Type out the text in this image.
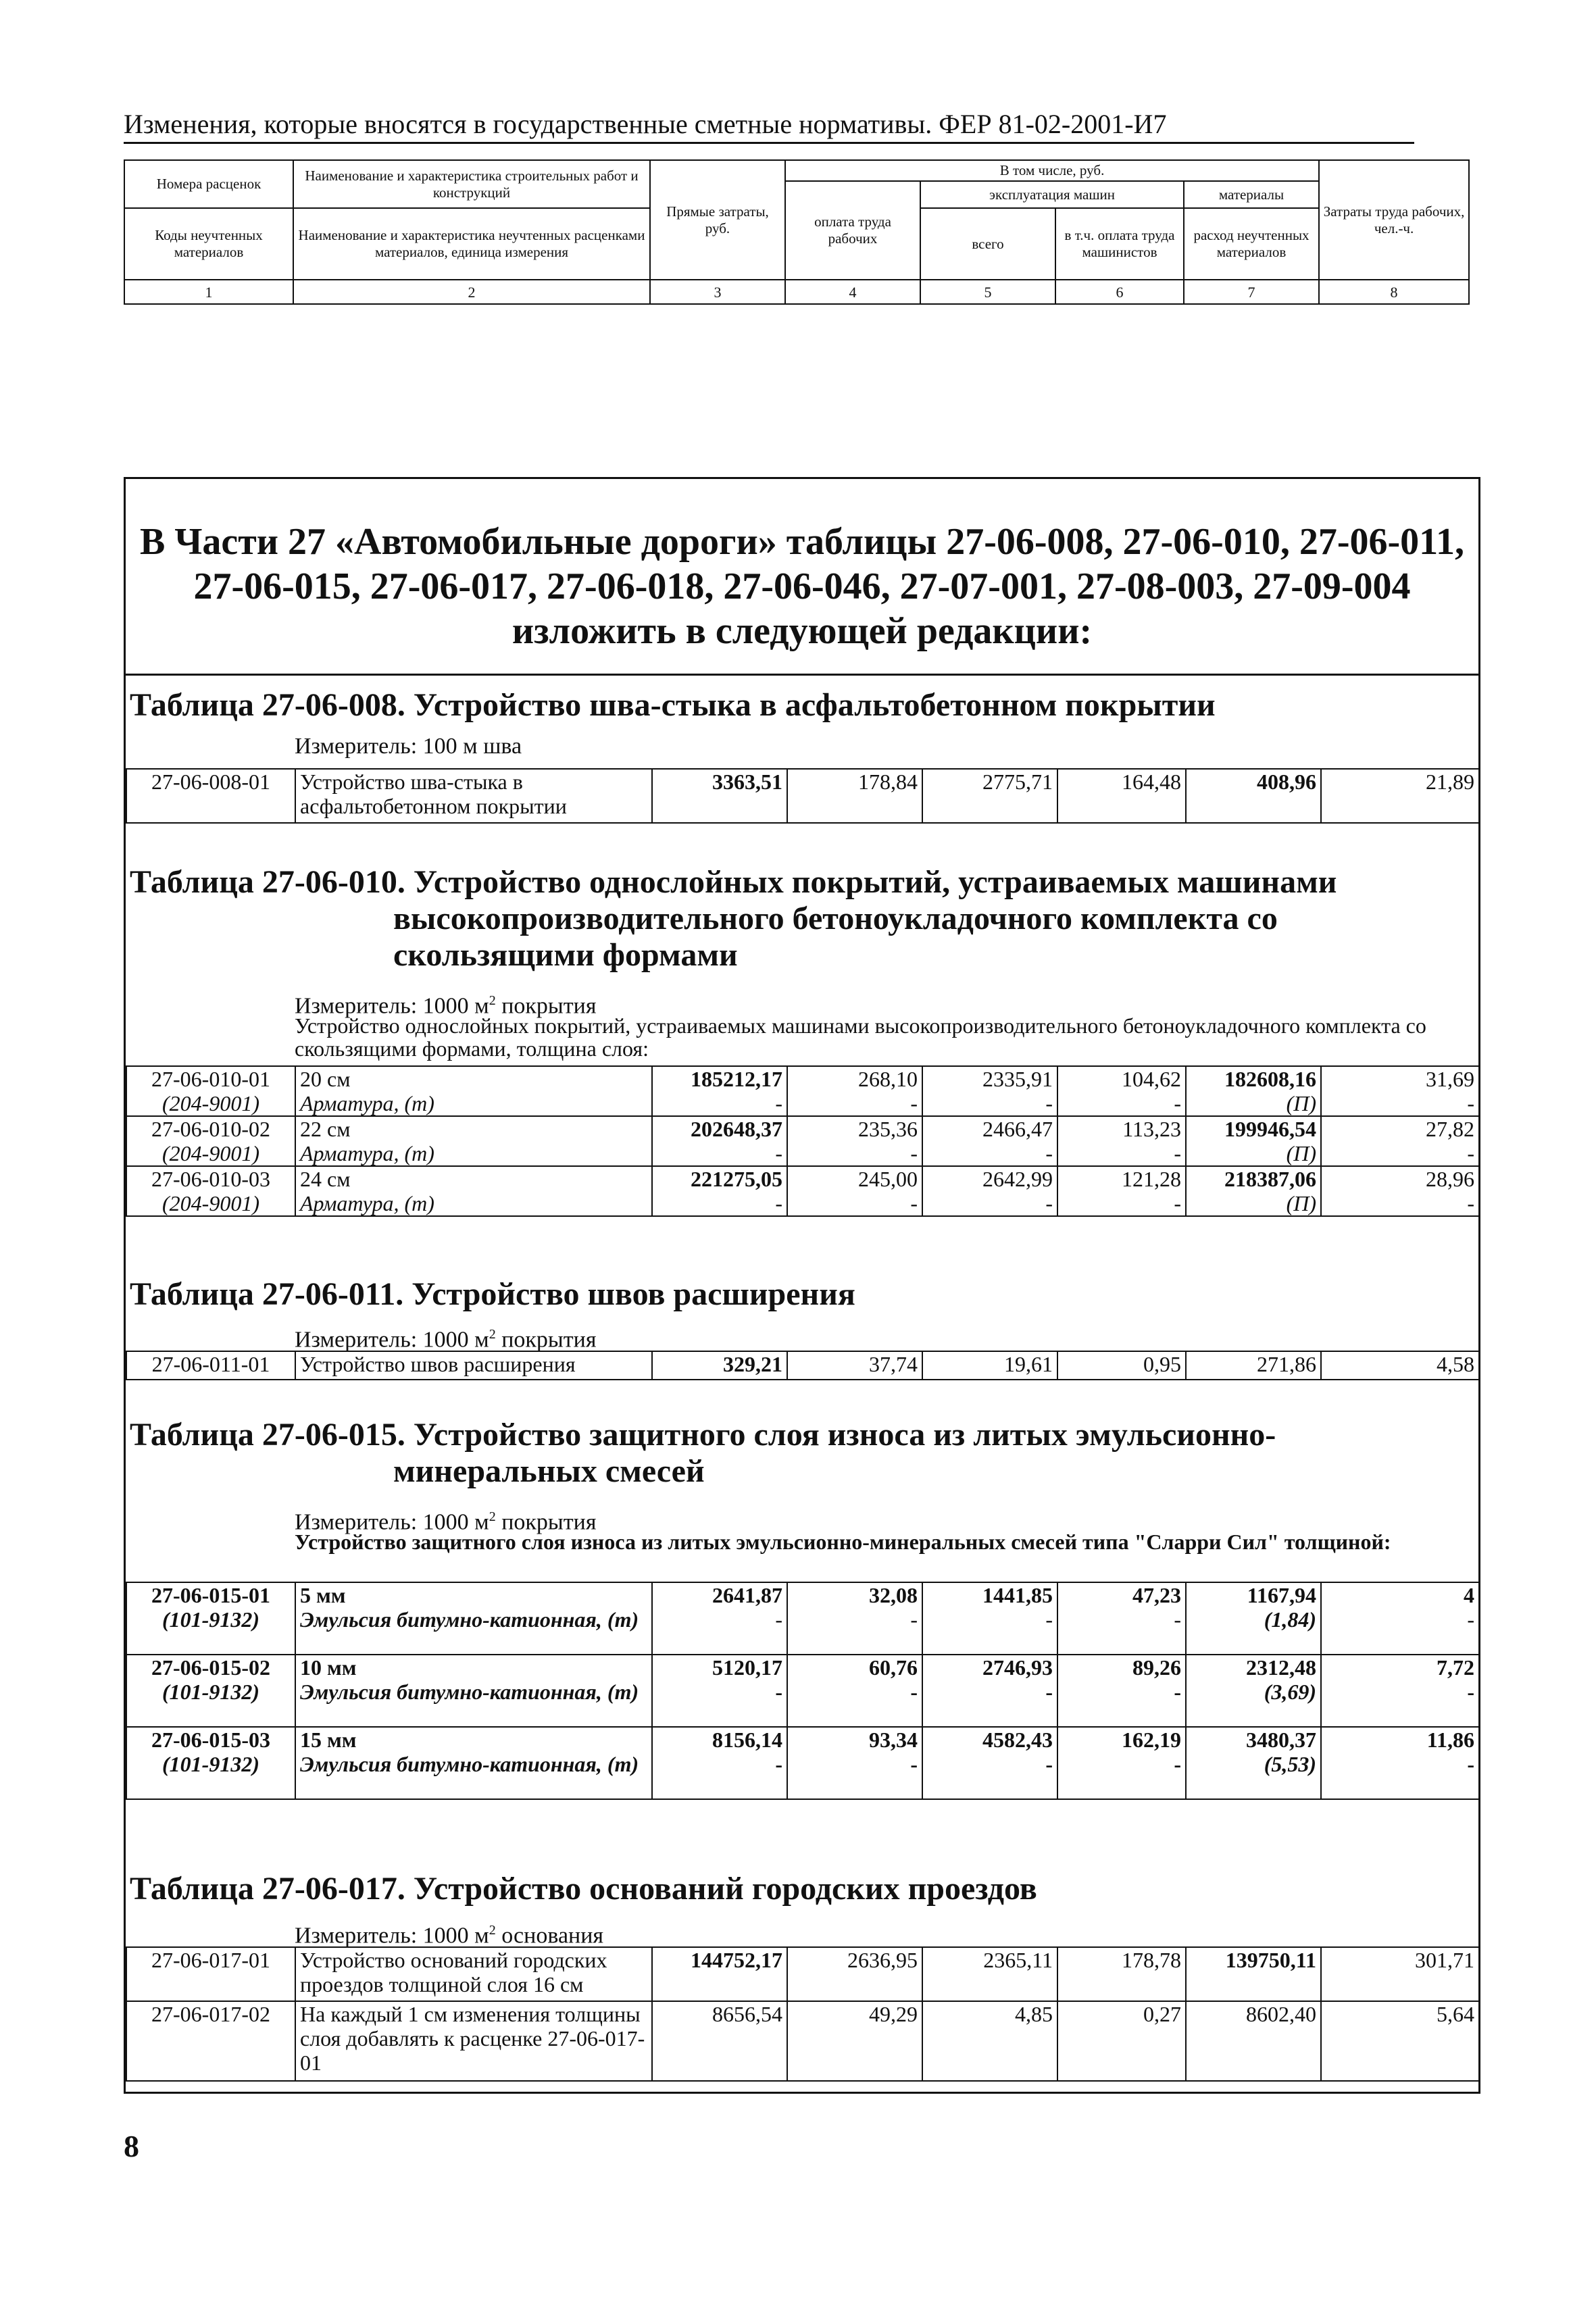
Изменения, которые вносятся в государственные сметные нормативы. ФЕР 81-02-2001-И7
Номера расценок	Наименование и характеристика строительных работ и конструкций	Прямые затраты, руб.	В том числе, руб.				Затраты труда рабочих, чел.-ч.
			оплата труда рабочих	эксплуатация машин		материалы	
Коды неучтенных материалов	Наименование и характеристика неучтенных расценками материалов, единица измерения			всего	в т.ч. оплата труда машинистов	расход неучтенных материалов	

1	2	3	4	5	6	7	8
В Части 27 «Автомобильные дороги» таблицы 27-06-008, 27-06-010, 27-06-011,
27-06-015, 27-06-017, 27-06-018, 27-06-046, 27-07-001, 27-08-003, 27-09-004
изложить в следующей редакции:
Таблица 27-06-008. Устройство шва-стыка в асфальтобетонном покрытии
Измеритель: 100 м шва
27-06-008-01	Устройство шва-стыка в асфальтобетонном покрытии	3363,51	178,84	2775,71	164,48	408,96	21,89
Таблица 27-06-010. Устройство однослойных покрытий, устраиваемых машинами
высокопроизводительного бетоноукладочного комплекта со
скользящими формами
Измеритель: 1000 $м^2$ покрытия
Устройство однослойных покрытий, устраиваемых машинами высокопроизводительного бетоноукладочного комплекта со скользящими формами, толщина слоя:
27-06-010-01	20 см	185212,17	268,10	2335,91	104,62	182608,16	31,69
(204-9001)	Арматура, (т)	-	-	-	-	(П)	-
27-06-010-02	22 см	202648,37	235,36	2466,47	113,23	199946,54	27,82
(204-9001)	Арматура, (т)	-	-	-	-	(П)	-
27-06-010-03	24 см	221275,05	245,00	2642,99	121,28	218387,06	28,96
(204-9001)	Арматура, (т)	-	-	-	-	(П)	-
Таблица 27-06-011. Устройство швов расширения
Измеритель: 1000 $м^2$ покрытия
27-06-011-01	Устройство швов расширения	329,21	37,74	19,61	0,95	271,86	4,58
Таблица 27-06-015. Устройство защитного слоя износа из литых эмульсионно-
минеральных смесей
Измеритель: 1000 $м^2$ покрытия
Устройство защитного слоя износа из литых эмульсионно-минеральных смесей типа "Сларри Сил" толщиной:
27-06-015-01	5 мм	2641,87	32,08	1441,85	47,23	1167,94	4
(101-9132)	Эмульсия битумно-катионная, (т)	-	-	-	-	(1,84)	-
27-06-015-02	10 мм	5120,17	60,76	2746,93	89,26	2312,48	7,72
(101-9132)	Эмульсия битумно-катионная, (т)	-	-	-	-	(3,69)	-
27-06-015-03	15 мм	8156,14	93,34	4582,43	162,19	3480,37	11,86
(101-9132)	Эмульсия битумно-катионная, (т)	-	-	-	-	(5,53)	-
Таблица 27-06-017. Устройство оснований городских проездов
Измеритель: 1000 $м^2$ основания
27-06-017-01	Устройство оснований городских проездов толщиной слоя 16 см	144752,17	2636,95	2365,11	178,78	139750,11	301,71
27-06-017-02	На каждый 1 см изменения толщины слоя добавлять к расценке 27-06-017-01	8656,54	49,29	4,85	0,27	8602,40	5,64
8
